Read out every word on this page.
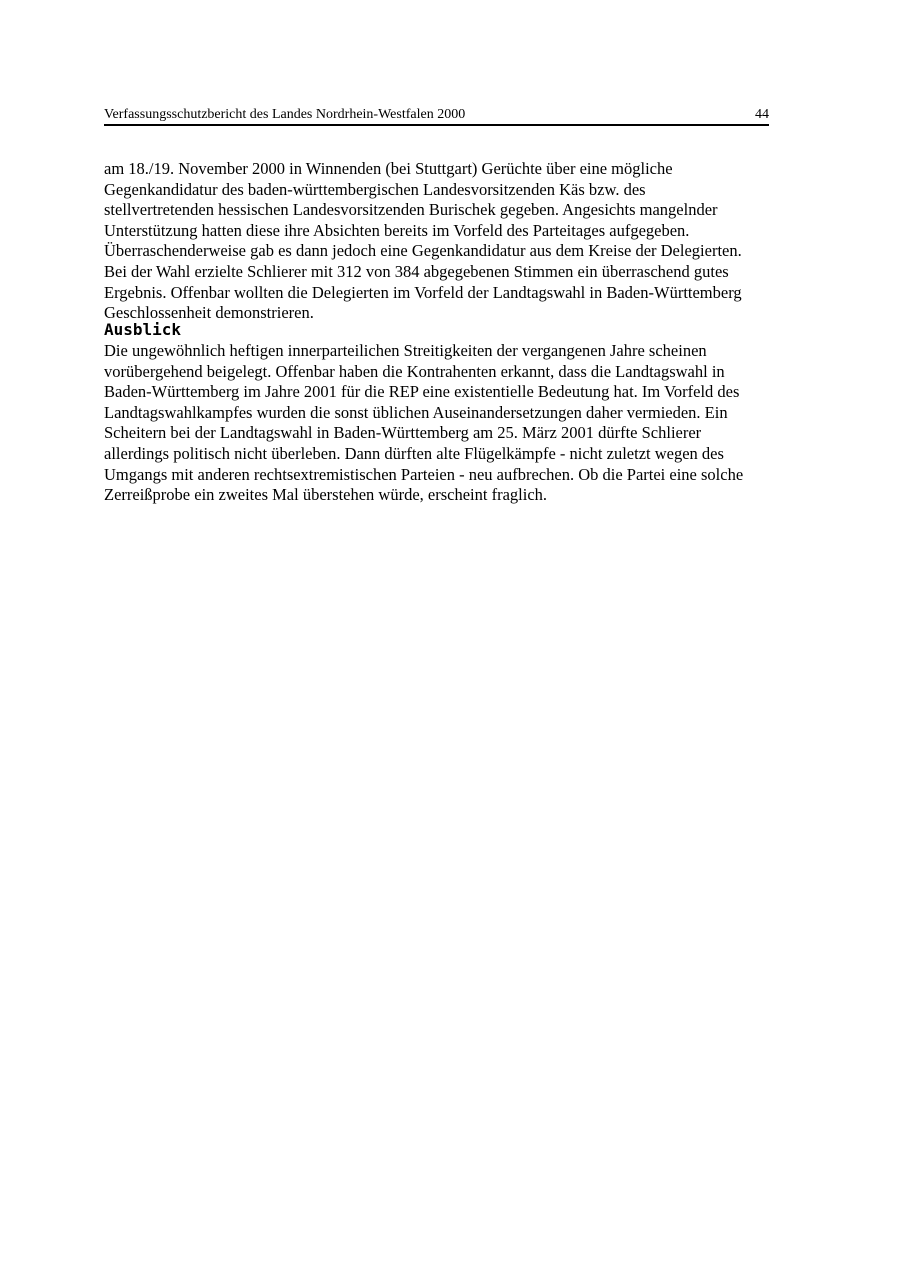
Verfassungsschutzbericht des Landes Nordrhein-Westfalen 2000	44
am 18./19. November 2000 in Winnenden (bei Stuttgart) Gerüchte über eine mögliche
Gegenkandidatur des baden-württembergischen Landesvorsitzenden Käs bzw. des
stellvertretenden hessischen Landesvorsitzenden Burischek gegeben. Angesichts mangelnder
Unterstützung hatten diese ihre Absichten bereits im Vorfeld des Parteitages aufgegeben.
Überraschenderweise gab es dann jedoch eine Gegenkandidatur aus dem Kreise der Delegierten.
Bei der Wahl erzielte Schlierer mit 312 von 384 abgegebenen Stimmen ein überraschend gutes
Ergebnis. Offenbar wollten die Delegierten im Vorfeld der Landtagswahl in Baden-Württemberg
Geschlossenheit demonstrieren.
Ausblick
Die ungewöhnlich heftigen innerparteilichen Streitigkeiten der vergangenen Jahre scheinen
vorübergehend beigelegt. Offenbar haben die Kontrahenten erkannt, dass die Landtagswahl in
Baden-Württemberg im Jahre 2001 für die REP eine existentielle Bedeutung hat. Im Vorfeld des
Landtagswahlkampfes wurden die sonst üblichen Auseinandersetzungen daher vermieden. Ein
Scheitern bei der Landtagswahl in Baden-Württemberg am 25. März 2001 dürfte Schlierer
allerdings politisch nicht überleben. Dann dürften alte Flügelkämpfe - nicht zuletzt wegen des
Umgangs mit anderen rechtsextremistischen Parteien - neu aufbrechen. Ob die Partei eine solche
Zerreißprobe ein zweites Mal überstehen würde, erscheint fraglich.
